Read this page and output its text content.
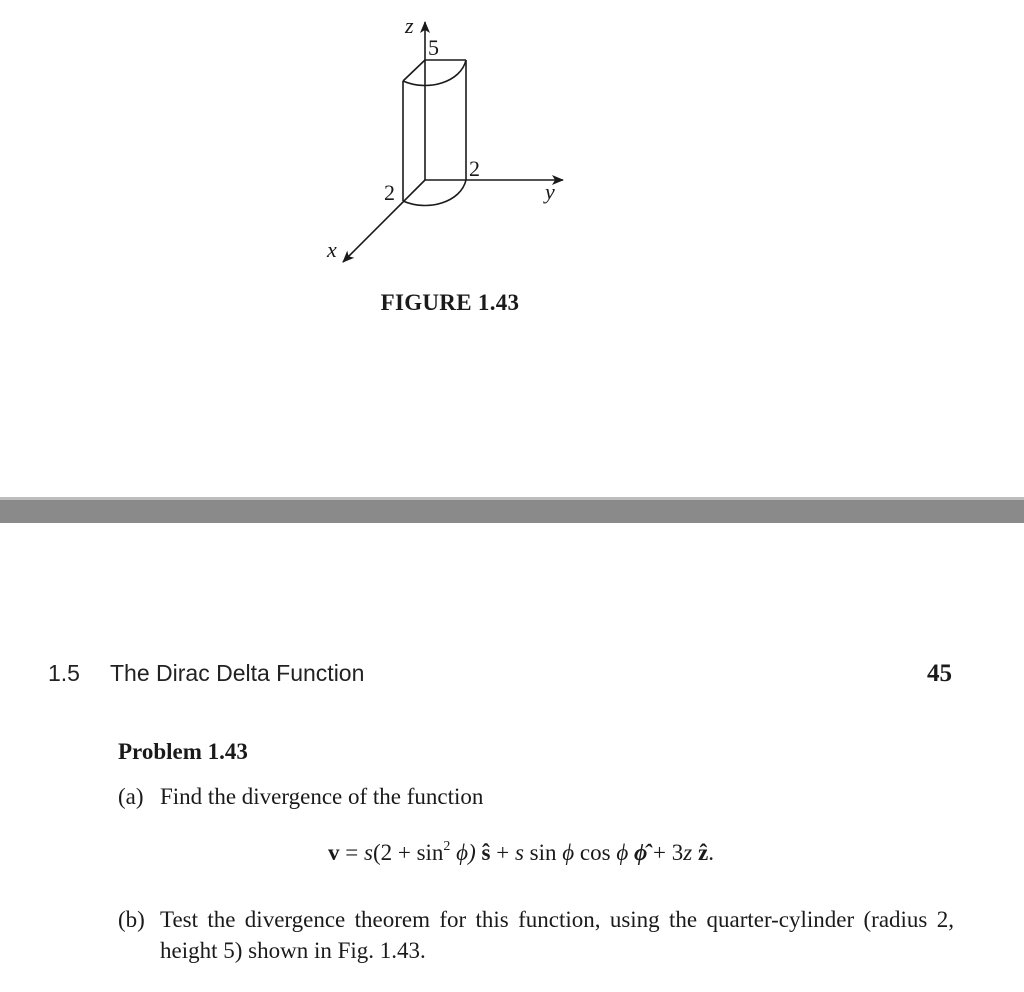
z
5
2
y
2
x
FIGURE 1.43
1.5 The Dirac Delta Function	45
Problem 1.43
(a) Find the divergence of the function
$v = s(2 + \sin^2 \phi)$ ŝ + s sin ϕ cos ϕ ϕ̂ + 3z ẑ.
(b) Test the divergence theorem for this function, using the quarter-cylinder (radius 2, height 5) shown in Fig. 1.43.
